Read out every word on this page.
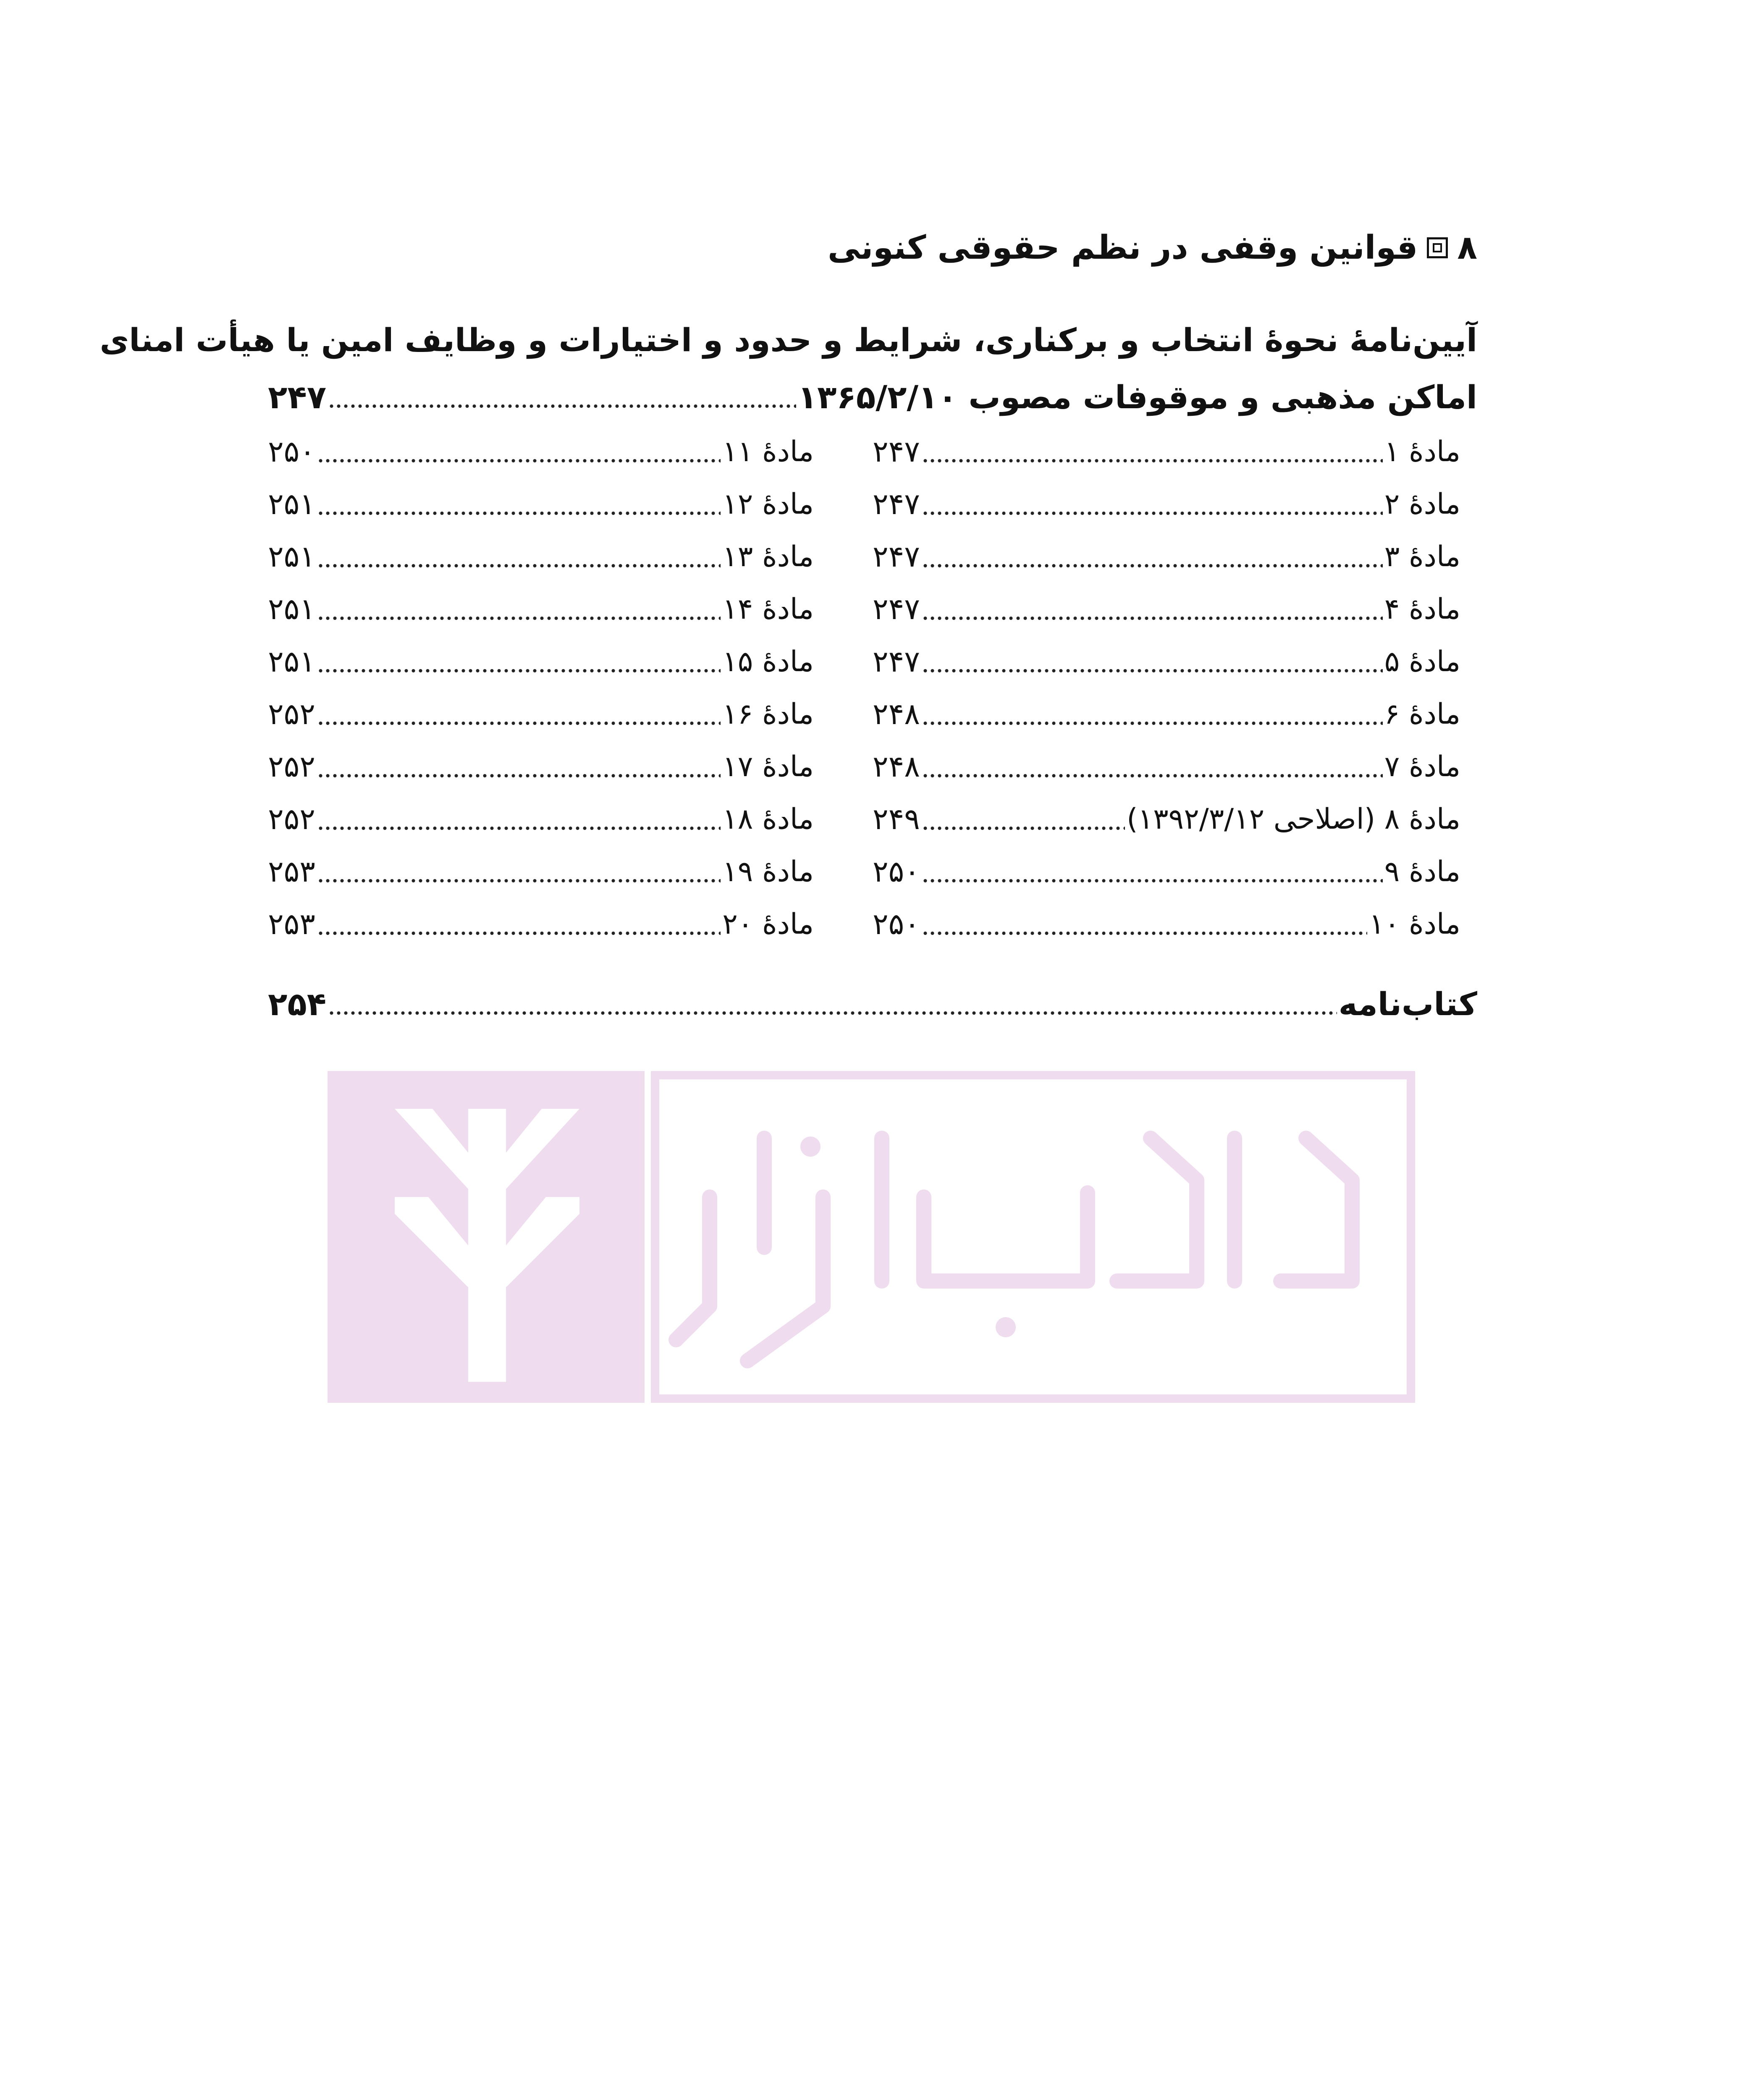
۸
قوانین وقفی در نظم حقوقی کنونی
آیین‌نامهٔ نحوهٔ انتخاب و برکناری، شرایط و حدود و اختیارات و وظایف امین یا هیأت امنای
اماکن مذهبی و موقوفات مصوب ۱۳۶۵/۲/۱۰
۲۴۷
مادهٔ ۱
۲۴۷
مادهٔ ۲
۲۴۷
مادهٔ ۳
۲۴۷
مادهٔ ۴
۲۴۷
مادهٔ ۵
۲۴۷
مادهٔ ۶
۲۴۸
مادهٔ ۷
۲۴۸
مادهٔ ۸ (اصلاحی ۱۳۹۲/۳/۱۲)
۲۴۹
مادهٔ ۹
۲۵۰
مادهٔ ۱۰
۲۵۰
مادهٔ ۱۱
۲۵۰
مادهٔ ۱۲
۲۵۱
مادهٔ ۱۳
۲۵۱
مادهٔ ۱۴
۲۵۱
مادهٔ ۱۵
۲۵۱
مادهٔ ۱۶
۲۵۲
مادهٔ ۱۷
۲۵۲
مادهٔ ۱۸
۲۵۲
مادهٔ ۱۹
۲۵۳
مادهٔ ۲۰
۲۵۳
کتاب‌نامه
۲۵۴
